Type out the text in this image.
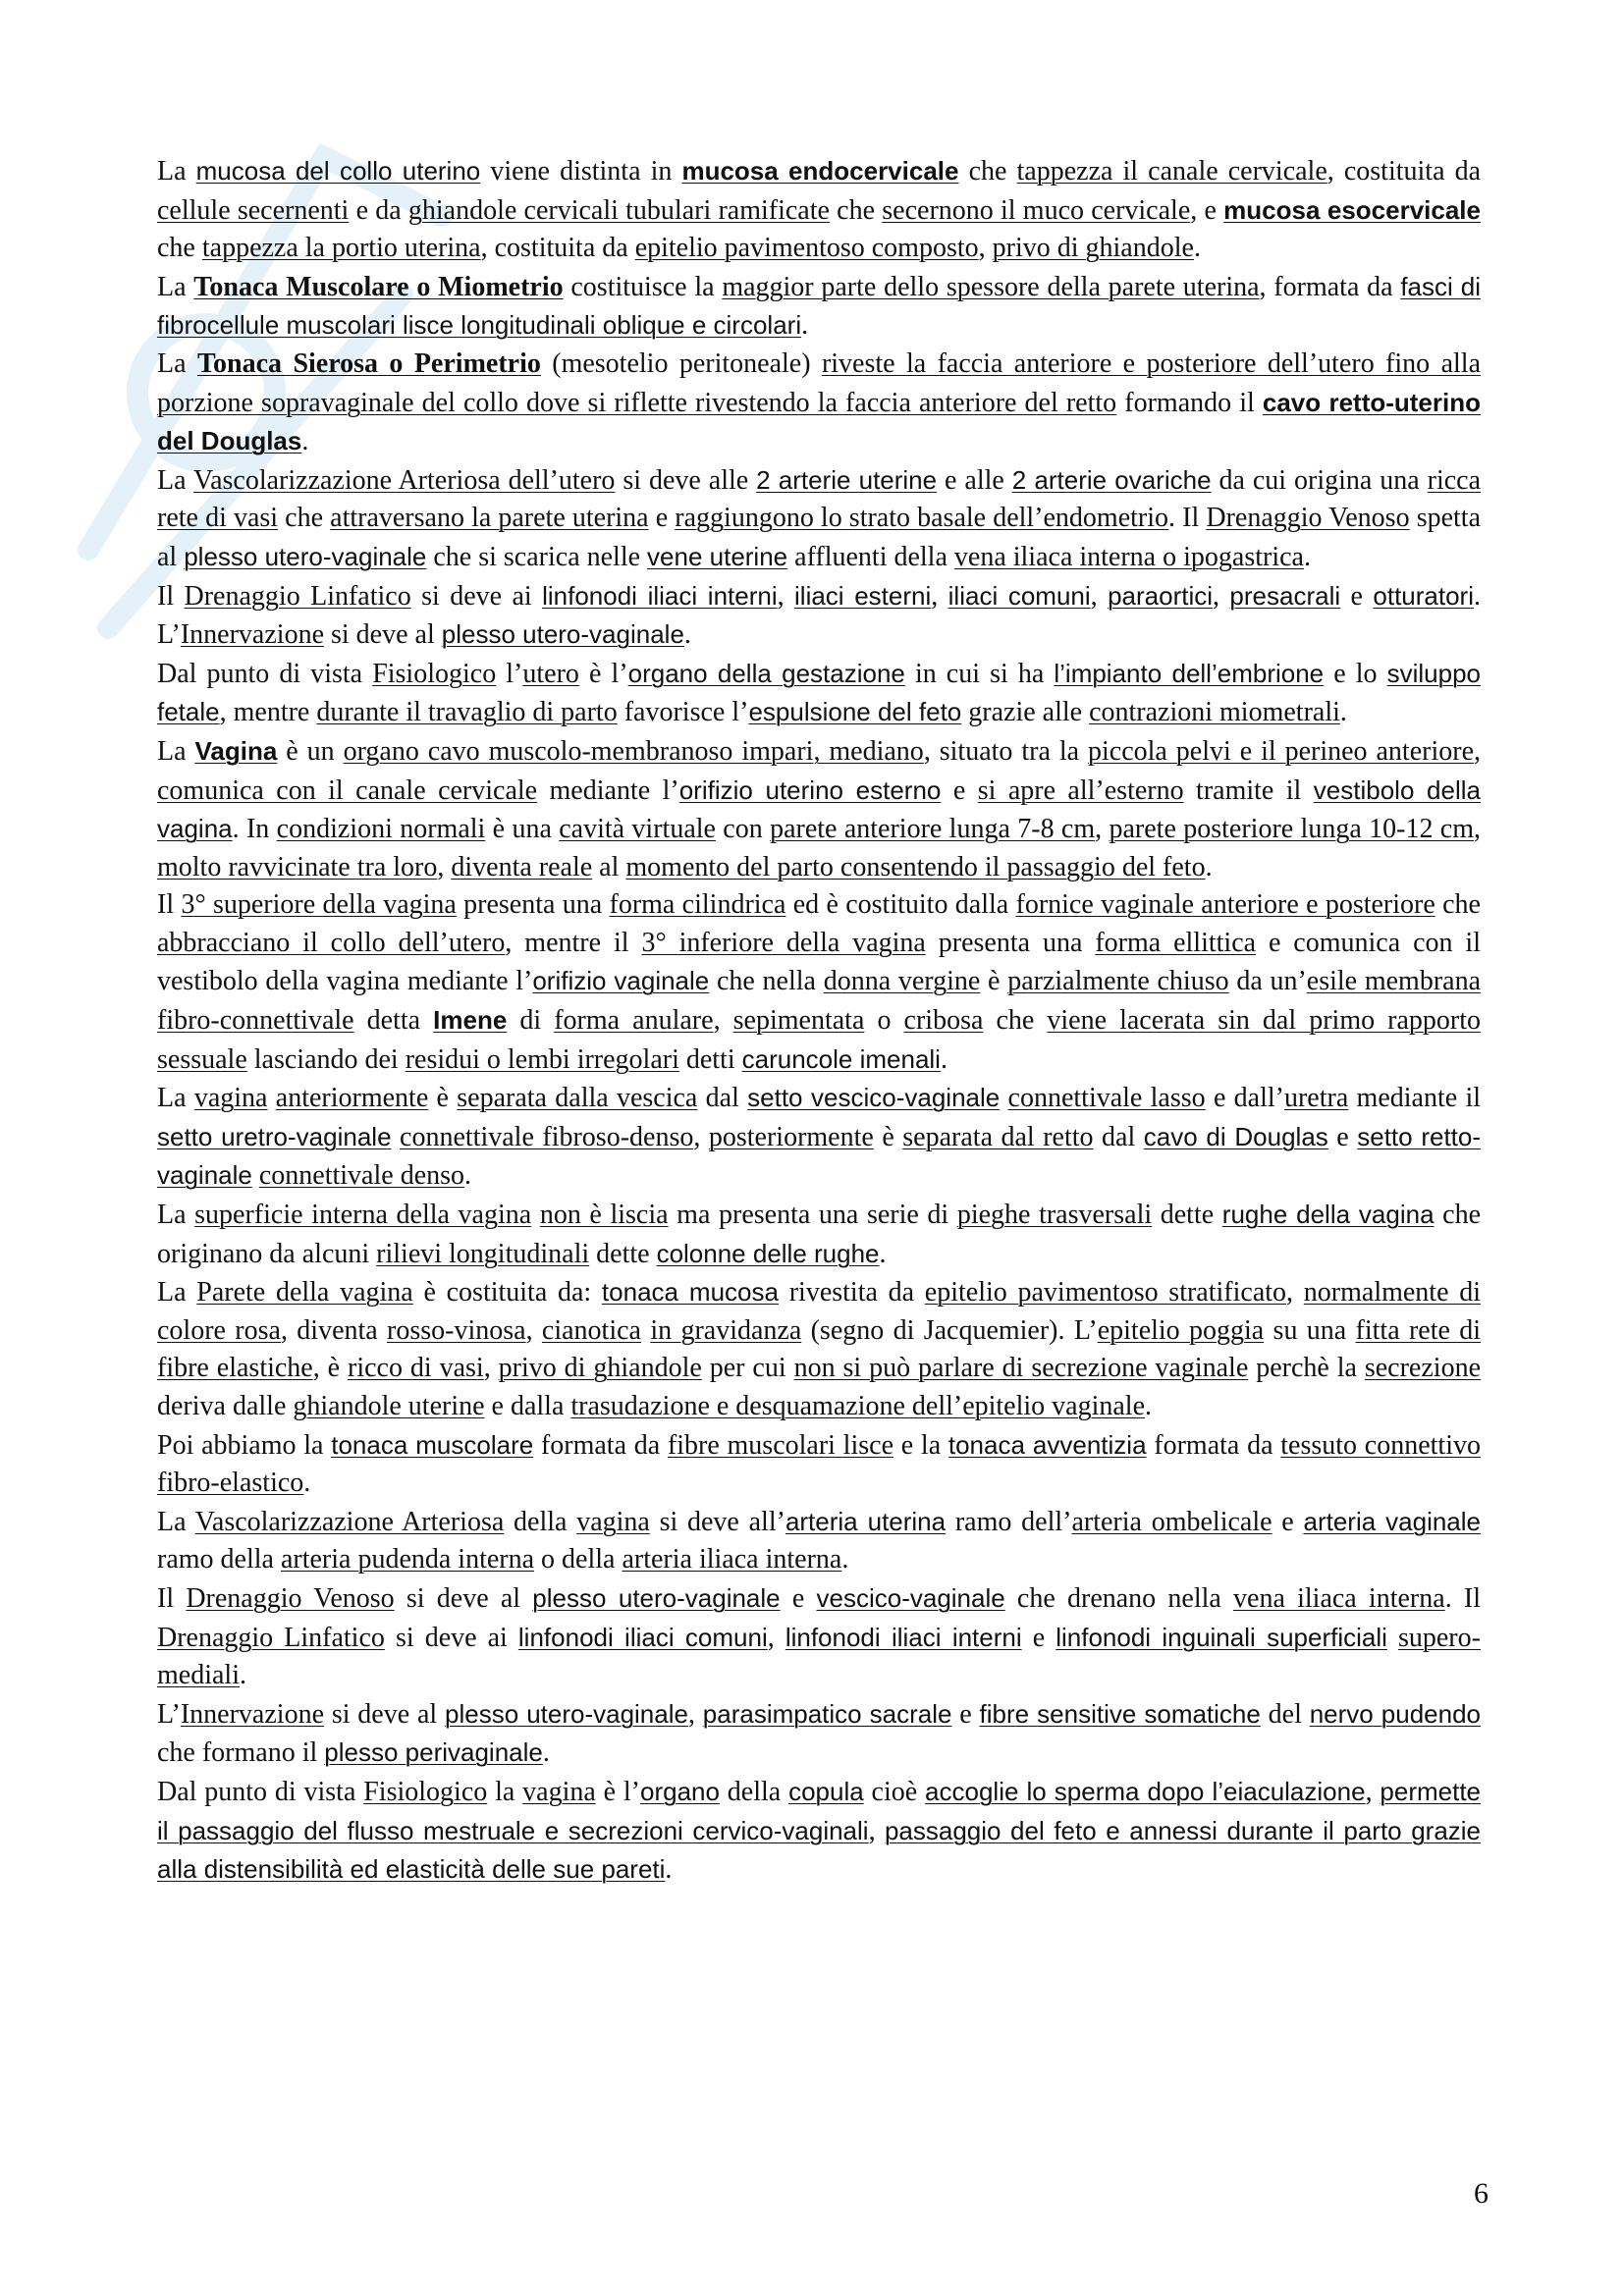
La mucosa del collo uterino viene distinta in mucosa endocervicale che tappezza il canale cervicale, costituita da cellule secernenti e da ghiandole cervicali tubulari ramificate che secernono il muco cervicale, e mucosa esocervicale che tappezza la portio uterina, costituita da epitelio pavimentoso composto, privo di ghiandole.

La Tonaca Muscolare o Miometrio costituisce la maggior parte dello spessore della parete uterina, formata da fasci di fibrocellule muscolari lisce longitudinali oblique e circolari.

La Tonaca Sierosa o Perimetrio (mesotelio peritoneale) riveste la faccia anteriore e posteriore dell’utero fino alla porzione sopravaginale del collo dove si riflette rivestendo la faccia anteriore del retto formando il cavo retto-uterino del Douglas.

La Vascolarizzazione Arteriosa dell’utero si deve alle 2 arterie uterine e alle 2 arterie ovariche da cui origina una ricca rete di vasi che attraversano la parete uterina e raggiungono lo strato basale dell’endometrio. Il Drenaggio Venoso spetta al plesso utero-vaginale che si scarica nelle vene uterine affluenti della vena iliaca interna o ipogastrica.

Il Drenaggio Linfatico si deve ai linfonodi iliaci interni, iliaci esterni, iliaci comuni, paraortici, presacrali e otturatori. L’Innervazione si deve al plesso utero-vaginale.

Dal punto di vista Fisiologico l’utero è l’organo della gestazione in cui si ha l’impianto dell’embrione e lo sviluppo fetale, mentre durante il travaglio di parto favorisce l’espulsione del feto grazie alle contrazioni miometrali.

La Vagina è un organo cavo muscolo-membranoso impari, mediano, situato tra la piccola pelvi e il perineo anteriore, comunica con il canale cervicale mediante l’orifizio uterino esterno e si apre all’esterno tramite il vestibolo della vagina. In condizioni normali è una cavità virtuale con parete anteriore lunga 7-8 cm, parete posteriore lunga 10-12 cm, molto ravvicinate tra loro, diventa reale al momento del parto consentendo il passaggio del feto.

Il 3° superiore della vagina presenta una forma cilindrica ed è costituito dalla fornice vaginale anteriore e posteriore che abbracciano il collo dell’utero, mentre il 3° inferiore della vagina presenta una forma ellittica e comunica con il vestibolo della vagina mediante l’orifizio vaginale che nella donna vergine è parzialmente chiuso da un’esile membrana fibro-connettivale detta Imene di forma anulare, sepimentata o cribosa che viene lacerata sin dal primo rapporto sessuale lasciando dei residui o lembi irregolari detti caruncole imenali.

La vagina anteriormente è separata dalla vescica dal setto vescico-vaginale connettivale lasso e dall’uretra mediante il setto uretro-vaginale connettivale fibroso-denso, posteriormente è separata dal retto dal cavo di Douglas e setto retto-vaginale connettivale denso.

La superficie interna della vagina non è liscia ma presenta una serie di pieghe trasversali dette rughe della vagina che originano da alcuni rilievi longitudinali dette colonne delle rughe.

La Parete della vagina è costituita da: tonaca mucosa rivestita da epitelio pavimentoso stratificato, normalmente di colore rosa, diventa rosso-vinosa, cianotica in gravidanza (segno di Jacquemier). L’epitelio poggia su una fitta rete di fibre elastiche, è ricco di vasi, privo di ghiandole per cui non si può parlare di secrezione vaginale perchè la secrezione deriva dalle ghiandole uterine e dalla trasudazione e desquamazione dell’epitelio vaginale.

Poi abbiamo la tonaca muscolare formata da fibre muscolari lisce e la tonaca avventizia formata da tessuto connettivo fibro-elastico.

La Vascolarizzazione Arteriosa della vagina si deve all’arteria uterina ramo dell’arteria ombelicale e arteria vaginale ramo della arteria pudenda interna o della arteria iliaca interna.

Il Drenaggio Venoso si deve al plesso utero-vaginale e vescico-vaginale che drenano nella vena iliaca interna. Il Drenaggio Linfatico si deve ai linfonodi iliaci comuni, linfonodi iliaci interni e linfonodi inguinali superficiali supero-mediali.

L’Innervazione si deve al plesso utero-vaginale, parasimpatico sacrale e fibre sensitive somatiche del nervo pudendo che formano il plesso perivaginale.

Dal punto di vista Fisiologico la vagina è l’organo della copula cioè accoglie lo sperma dopo l’eiaculazione, permette il passaggio del flusso mestruale e secrezioni cervico-vaginali, passaggio del feto e annessi durante il parto grazie alla distensibilità ed elasticità delle sue pareti.

6
